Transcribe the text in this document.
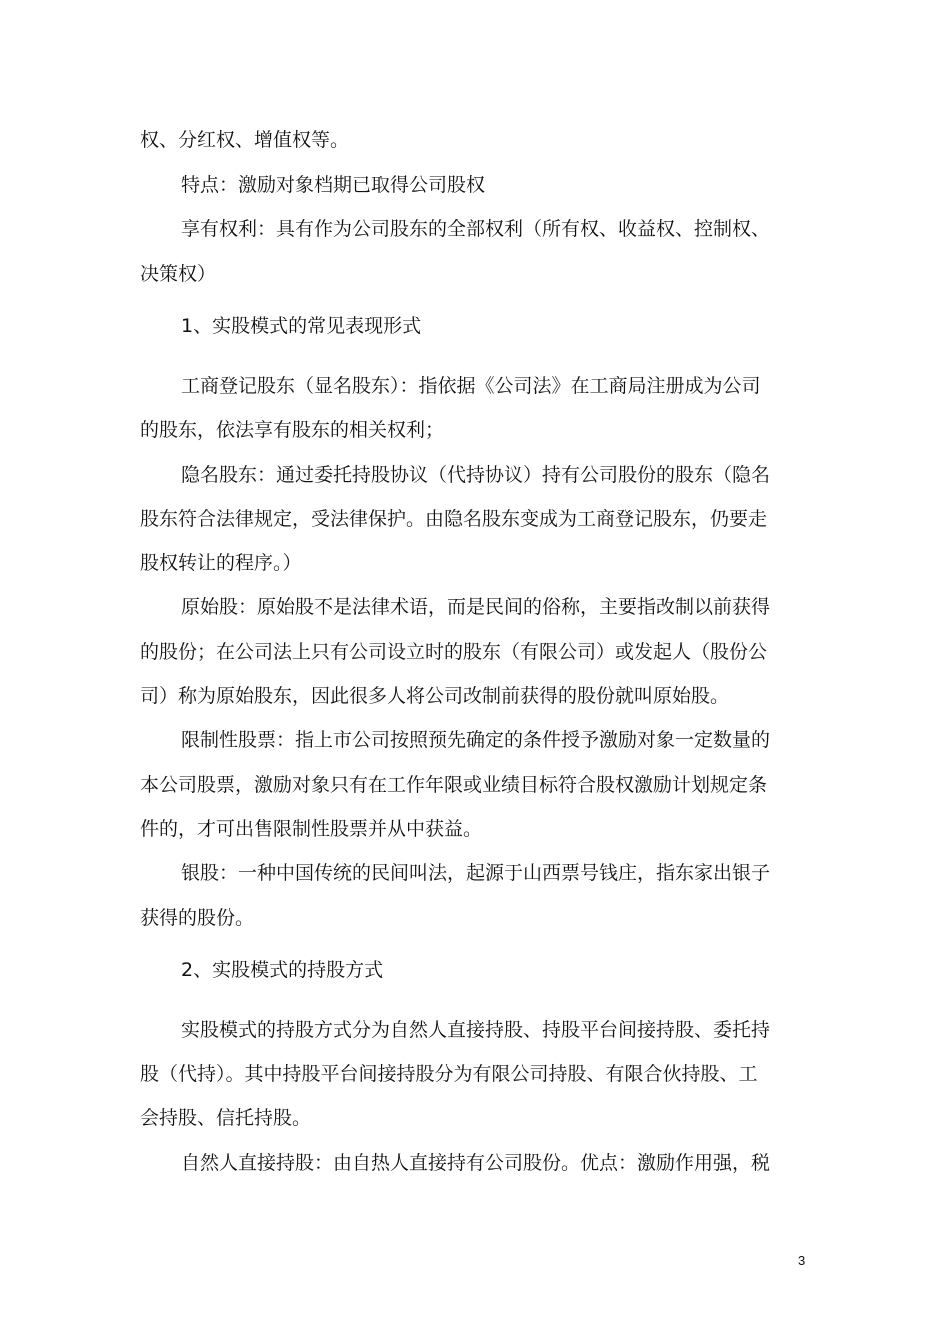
权、分红权、增值权等。
特点：激励对象档期已取得公司股权
享有权利：具有作为公司股东的全部权利（所有权、收益权、控制权、
决策权）
1、实股模式的常见表现形式
工商登记股东（显名股东）：指依据《公司法》在工商局注册成为公司
的股东，依法享有股东的相关权利；
隐名股东：通过委托持股协议（代持协议）持有公司股份的股东（隐名
股东符合法律规定，受法律保护。由隐名股东变成为工商登记股东，仍要走
股权转让的程序。）
原始股：原始股不是法律术语，而是民间的俗称，主要指改制以前获得
的股份；在公司法上只有公司设立时的股东（有限公司）或发起人（股份公
司）称为原始股东，因此很多人将公司改制前获得的股份就叫原始股。
限制性股票：指上市公司按照预先确定的条件授予激励对象一定数量的
本公司股票，激励对象只有在工作年限或业绩目标符合股权激励计划规定条
件的，才可出售限制性股票并从中获益。
银股：一种中国传统的民间叫法，起源于山西票号钱庄，指东家出银子
获得的股份。
2、实股模式的持股方式
实股模式的持股方式分为自然人直接持股、持股平台间接持股、委托持
股（代持）。其中持股平台间接持股分为有限公司持股、有限合伙持股、工
会持股、信托持股。
自然人直接持股：由自热人直接持有公司股份。优点：激励作用强，税
3
